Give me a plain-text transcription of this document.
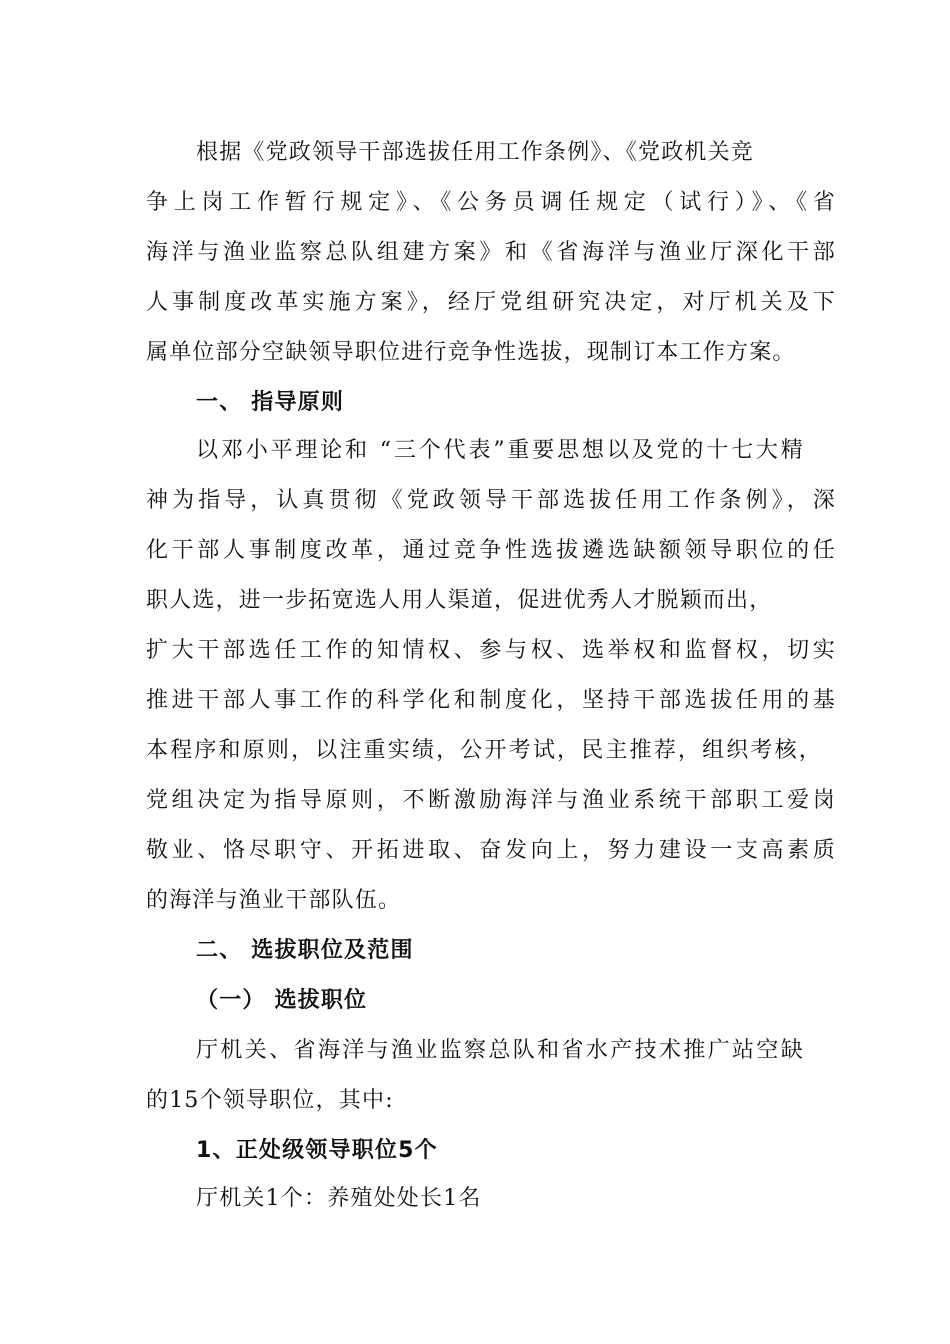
根据《党政领导干部选拔任用工作条例》、《党政机关竞
争上岗工作暂行规定》、《公务员调任规定（试行）》、《省
海洋与渔业监察总队组建方案》和《省海洋与渔业厅深化干部
人事制度改革实施方案》，经厅党组研究决定，对厅机关及下
属单位部分空缺领导职位进行竞争性选拔，现制订本工作方案。
一、 指导原则
以邓小平理论和 “三个代表”重要思想以及党的十七大精
神为指导，认真贯彻《党政领导干部选拔任用工作条例》，深
化干部人事制度改革，通过竞争性选拔遴选缺额领导职位的任
职人选，进一步拓宽选人用人渠道，促进优秀人才脱颖而出，
扩大干部选任工作的知情权、参与权、选举权和监督权，切实
推进干部人事工作的科学化和制度化，坚持干部选拔任用的基
本程序和原则，以注重实绩，公开考试，民主推荐，组织考核，
党组决定为指导原则，不断激励海洋与渔业系统干部职工爱岗
敬业、恪尽职守、开拓进取、奋发向上，努力建设一支高素质
的海洋与渔业干部队伍。
二、 选拔职位及范围
（一） 选拔职位
厅机关、省海洋与渔业监察总队和省水产技术推广站空缺
的15个领导职位，其中:
1、正处级领导职位5个
厅机关1个：养殖处处长1名
